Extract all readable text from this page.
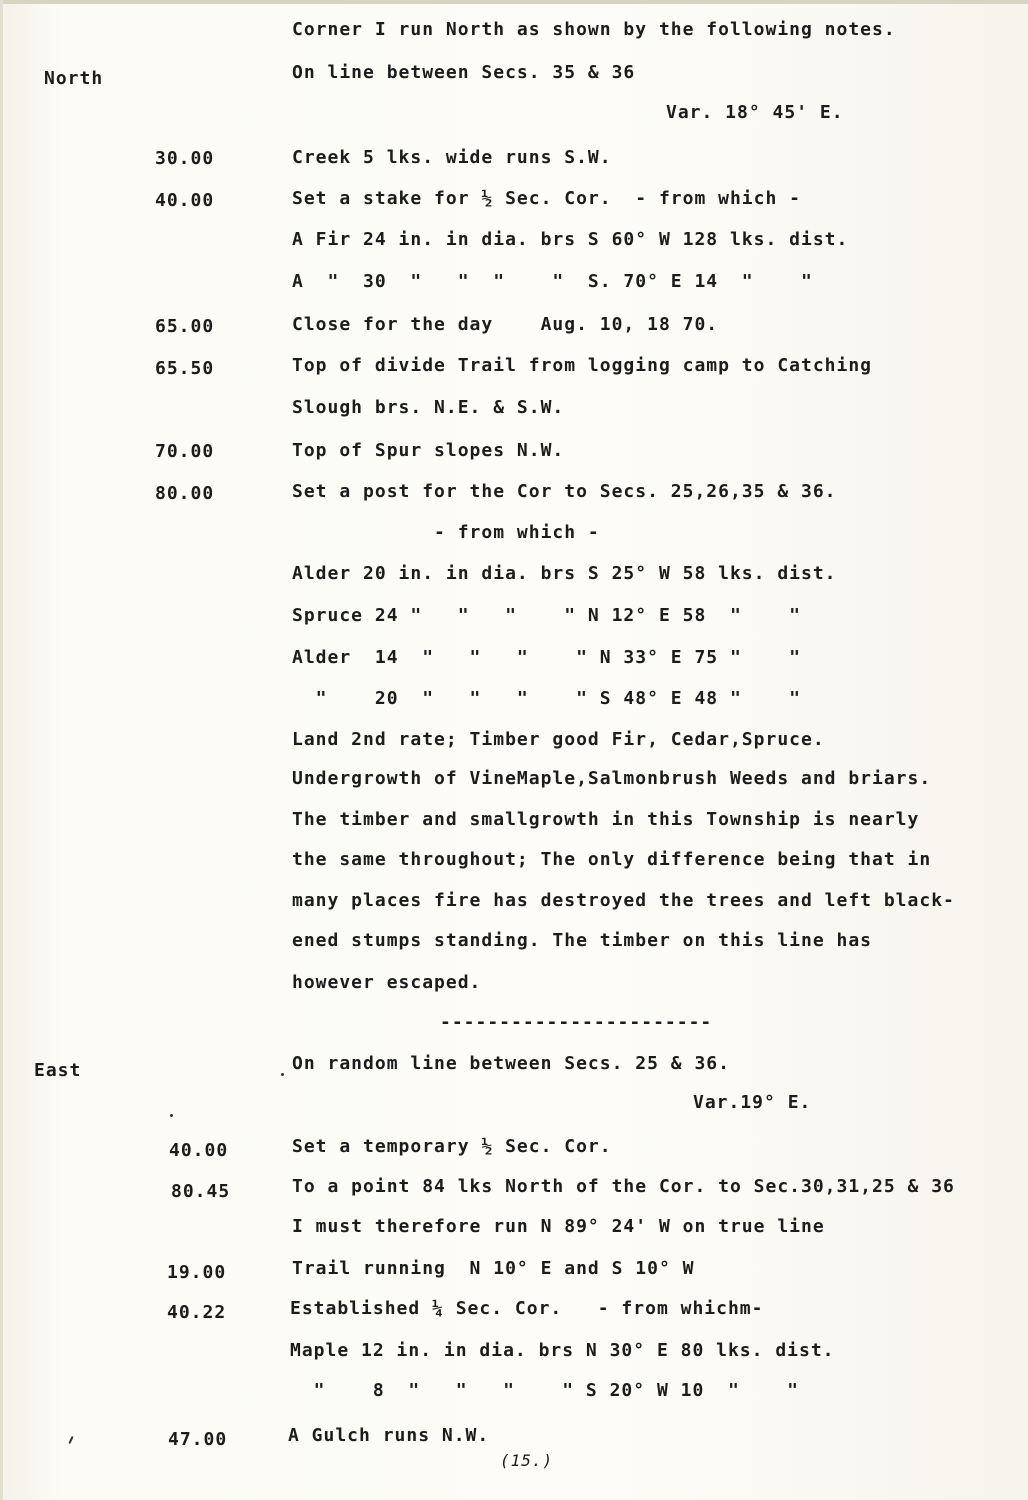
Corner I run North as shown by the following notes.
North	On line between Secs. 35 & 36
Var. 18° 45' E.
30.00	Creek 5 lks. wide runs S.W.
40.00	Set a stake for ½ Sec. Cor.  - from which -
A Fir 24 in. in dia. brs S 60° W 128 lks. dist.
A  "  30  "   "  "    "  S. 70° E 14  "    "
65.00	Close for the day    Aug. 10, 18 70.
65.50	Top of divide Trail from logging camp to Catching
Slough brs. N.E. & S.W.
70.00	Top of Spur slopes N.W.
80.00	Set a post for the Cor to Secs. 25,26,35 & 36.
- from which -
Alder 20 in. in dia. brs S 25° W 58 lks. dist.
Spruce 24 "   "   "    " N 12° E 58  "    "
Alder  14  "   "   "    " N 33° E 75 "    "
"    20  "   "   "    " S 48° E 48 "    "
Land 2nd rate; Timber good Fir, Cedar,Spruce.
Undergrowth of VineMaple,Salmonbrush Weeds and briars.
The timber and smallgrowth in this Township is nearly
the same throughout; The only difference being that in
many places fire has destroyed the trees and left black-
ened stumps standing. The timber on this line has
however escaped.
-----------------------
East	On random line between Secs. 25 & 36.
Var.19° E.
40.00	Set a temporary ½ Sec. Cor.
80.45	To a point 84 lks North of the Cor. to Sec.30,31,25 & 36
I must therefore run N 89° 24' W on true line
19.00	Trail running  N 10° E and S 10° W
40.22	Established ¼ Sec. Cor.   - from whichm-
Maple 12 in. in dia. brs N 30° E 80 lks. dist.
"    8  "   "   "    " S 20° W 10  "    "
47.00	A Gulch runs N.W.
(15.)
